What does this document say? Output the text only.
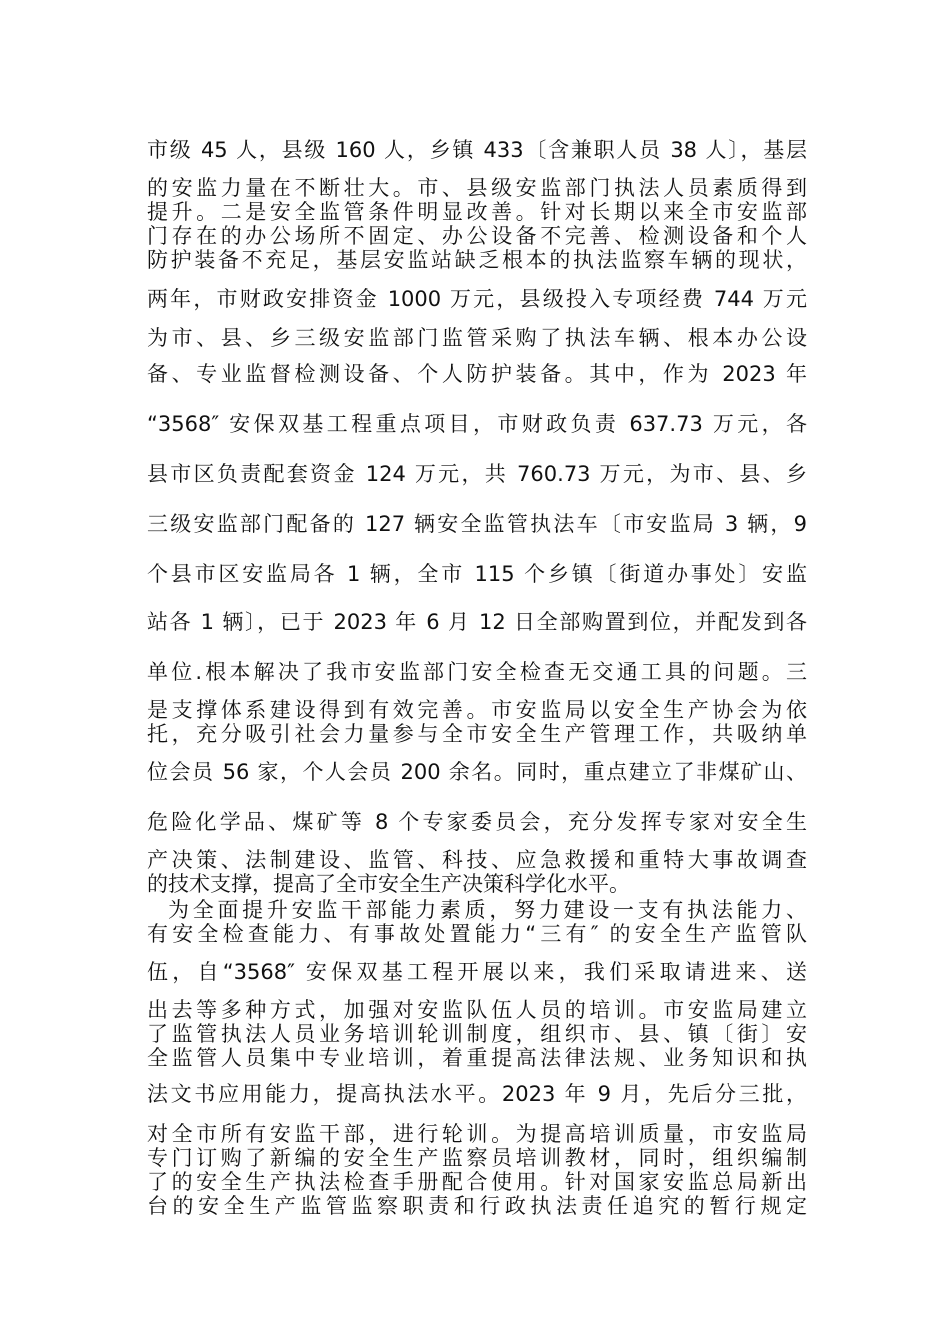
市级 45 人，县级 160 人，乡镇 433〔含兼职人员 38 人〕，基层
的安监力量在不断壮大。市、县级安监部门执法人员素质得到
提升。二是安全监管条件明显改善。针对长期以来全市安监部
门存在的办公场所不固定、办公设备不完善、检测设备和个人
防护装备不充足，基层安监站缺乏根本的执法监察车辆的现状，
两年，市财政安排资金 1000 万元，县级投入专项经费 744 万元
为市、县、乡三级安监部门监管采购了执法车辆、根本办公设
备、专业监督检测设备、个人防护装备。其中，作为 2023 年
“3568″ 安保双基工程重点项目，市财政负责 637.73 万元，各
县市区负责配套资金 124 万元，共 760.73 万元，为市、县、乡
三级安监部门配备的 127 辆安全监管执法车〔市安监局 3 辆，9
个县市区安监局各 1 辆，全市 115 个乡镇〔街道办事处〕安监
站各 1 辆〕，已于 2023 年 6 月 12 日全部购置到位，并配发到各
单位.根本解决了我市安监部门安全检查无交通工具的问题。三
是支撑体系建设得到有效完善。市安监局以安全生产协会为依
托，充分吸引社会力量参与全市安全生产管理工作，共吸纳单
位会员 56 家，个人会员 200 余名。同时，重点建立了非煤矿山、
危险化学品、煤矿等 8 个专家委员会，充分发挥专家对安全生
产决策、法制建设、监管、科技、应急救援和重特大事故调查
的技术支撑，提高了全市安全生产决策科学化水平。
为全面提升安监干部能力素质，努力建设一支有执法能力、
有安全检查能力、有事故处置能力“三有″ 的安全生产监管队
伍，自“3568″ 安保双基工程开展以来，我们采取请进来、送
出去等多种方式，加强对安监队伍人员的培训。市安监局建立
了监管执法人员业务培训轮训制度，组织市、县、镇〔街〕安
全监管人员集中专业培训，着重提高法律法规、业务知识和执
法文书应用能力，提高执法水平。2023 年 9 月，先后分三批，
对全市所有安监干部，进行轮训。为提高培训质量，市安监局
专门订购了新编的安全生产监察员培训教材，同时，组织编制
了的安全生产执法检查手册配合使用。针对国家安监总局新出
台的安全生产监管监察职责和行政执法责任追究的暂行规定
